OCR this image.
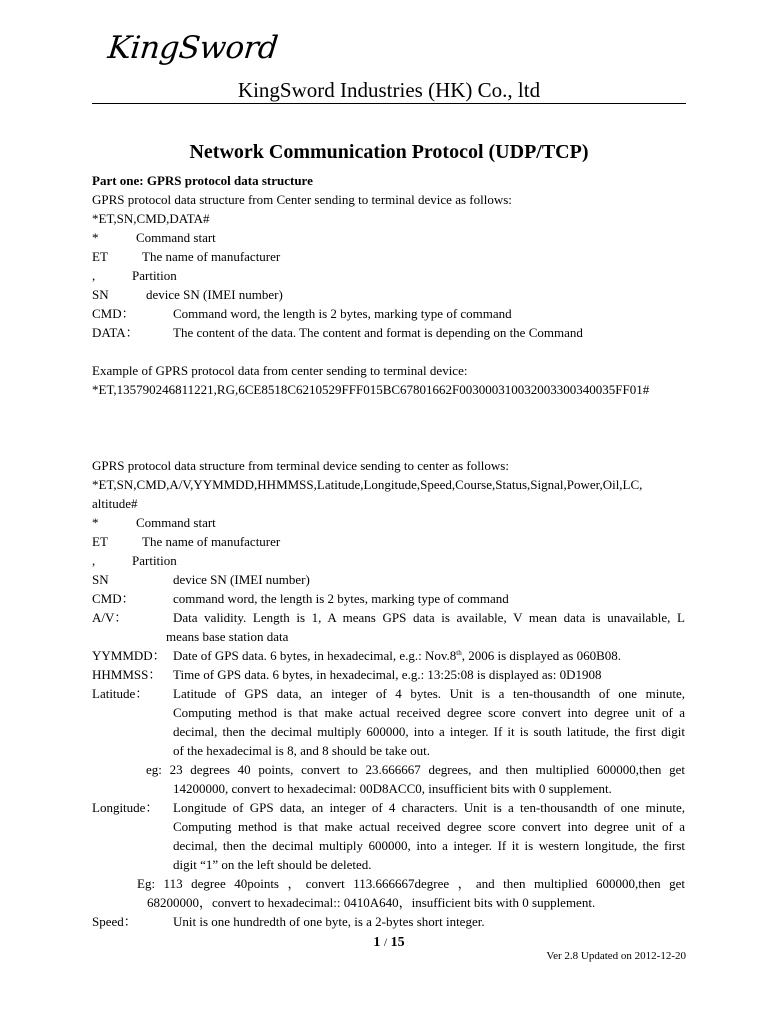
KingSword
KingSword Industries (HK) Co., ltd
Network Communication Protocol (UDP/TCP)
Part one: GPRS protocol data structure
GPRS protocol data structure from Center sending to terminal device as follows:
*ET,SN,CMD,DATA#
*	Command start
ET	The name of manufacturer
,	Partition
SN	device SN (IMEI number)
CMD：	Command word, the length is 2 bytes, marking type of command
DATA：	The content of the data. The content and format is depending on the Command
Example of GPRS protocol data from center sending to terminal device:
*ET,135790246811221,RG,6CE8518C6210529FFF015BC67801662F003000310032003300340035FF01#
GPRS protocol data structure from terminal device sending to center as follows:
*ET,SN,CMD,A/V,YYMMDD,HHMMSS,Latitude,Longitude,Speed,Course,Status,Signal,Power,Oil,LC,
altitude#
*	Command start
ET	The name of manufacturer
,	Partition
SN	device SN (IMEI number)
CMD：	command word, the length is 2 bytes, marking type of command
A/V：	Data validity. Length is 1, A means GPS data is available, V mean data is unavailable, L
means base station data
YYMMDD： Date of GPS data. 6 bytes, in hexadecimal, e.g.: Nov.8th, 2006 is displayed as 060B08.
HHMMSS： Time of GPS data. 6 bytes, in hexadecimal, e.g.: 13:25:08 is displayed as: 0D1908
Latitude： Latitude of GPS data, an integer of 4 bytes. Unit is a ten-thousandth of one minute,
Computing method is that make actual received degree score convert into degree unit of a
decimal, then the decimal multiply 600000, into a integer. If it is south latitude, the first digit
of the hexadecimal is 8, and 8 should be take out.
eg: 23 degrees 40 points, convert to 23.666667 degrees, and then multiplied 600000,then get
14200000, convert to hexadecimal: 00D8ACC0, insufficient bits with 0 supplement.
Longitude： Longitude of GPS data, an integer of 4 characters. Unit is a ten-thousandth of one minute,
Computing method is that make actual received degree score convert into degree unit of a
decimal, then the decimal multiply 600000, into a integer. If it is western longitude, the first
digit “1” on the left should be deleted.
Eg: 113 degree 40points ，convert 113.666667degree ，and then multiplied 600000,then get
68200000，convert to hexadecimal:: 0410A640，insufficient bits with 0 supplement.
Speed：	Unit is one hundredth of one byte, is a 2-bytes short integer.
1 / 15
Ver 2.8 Updated on 2012-12-20
